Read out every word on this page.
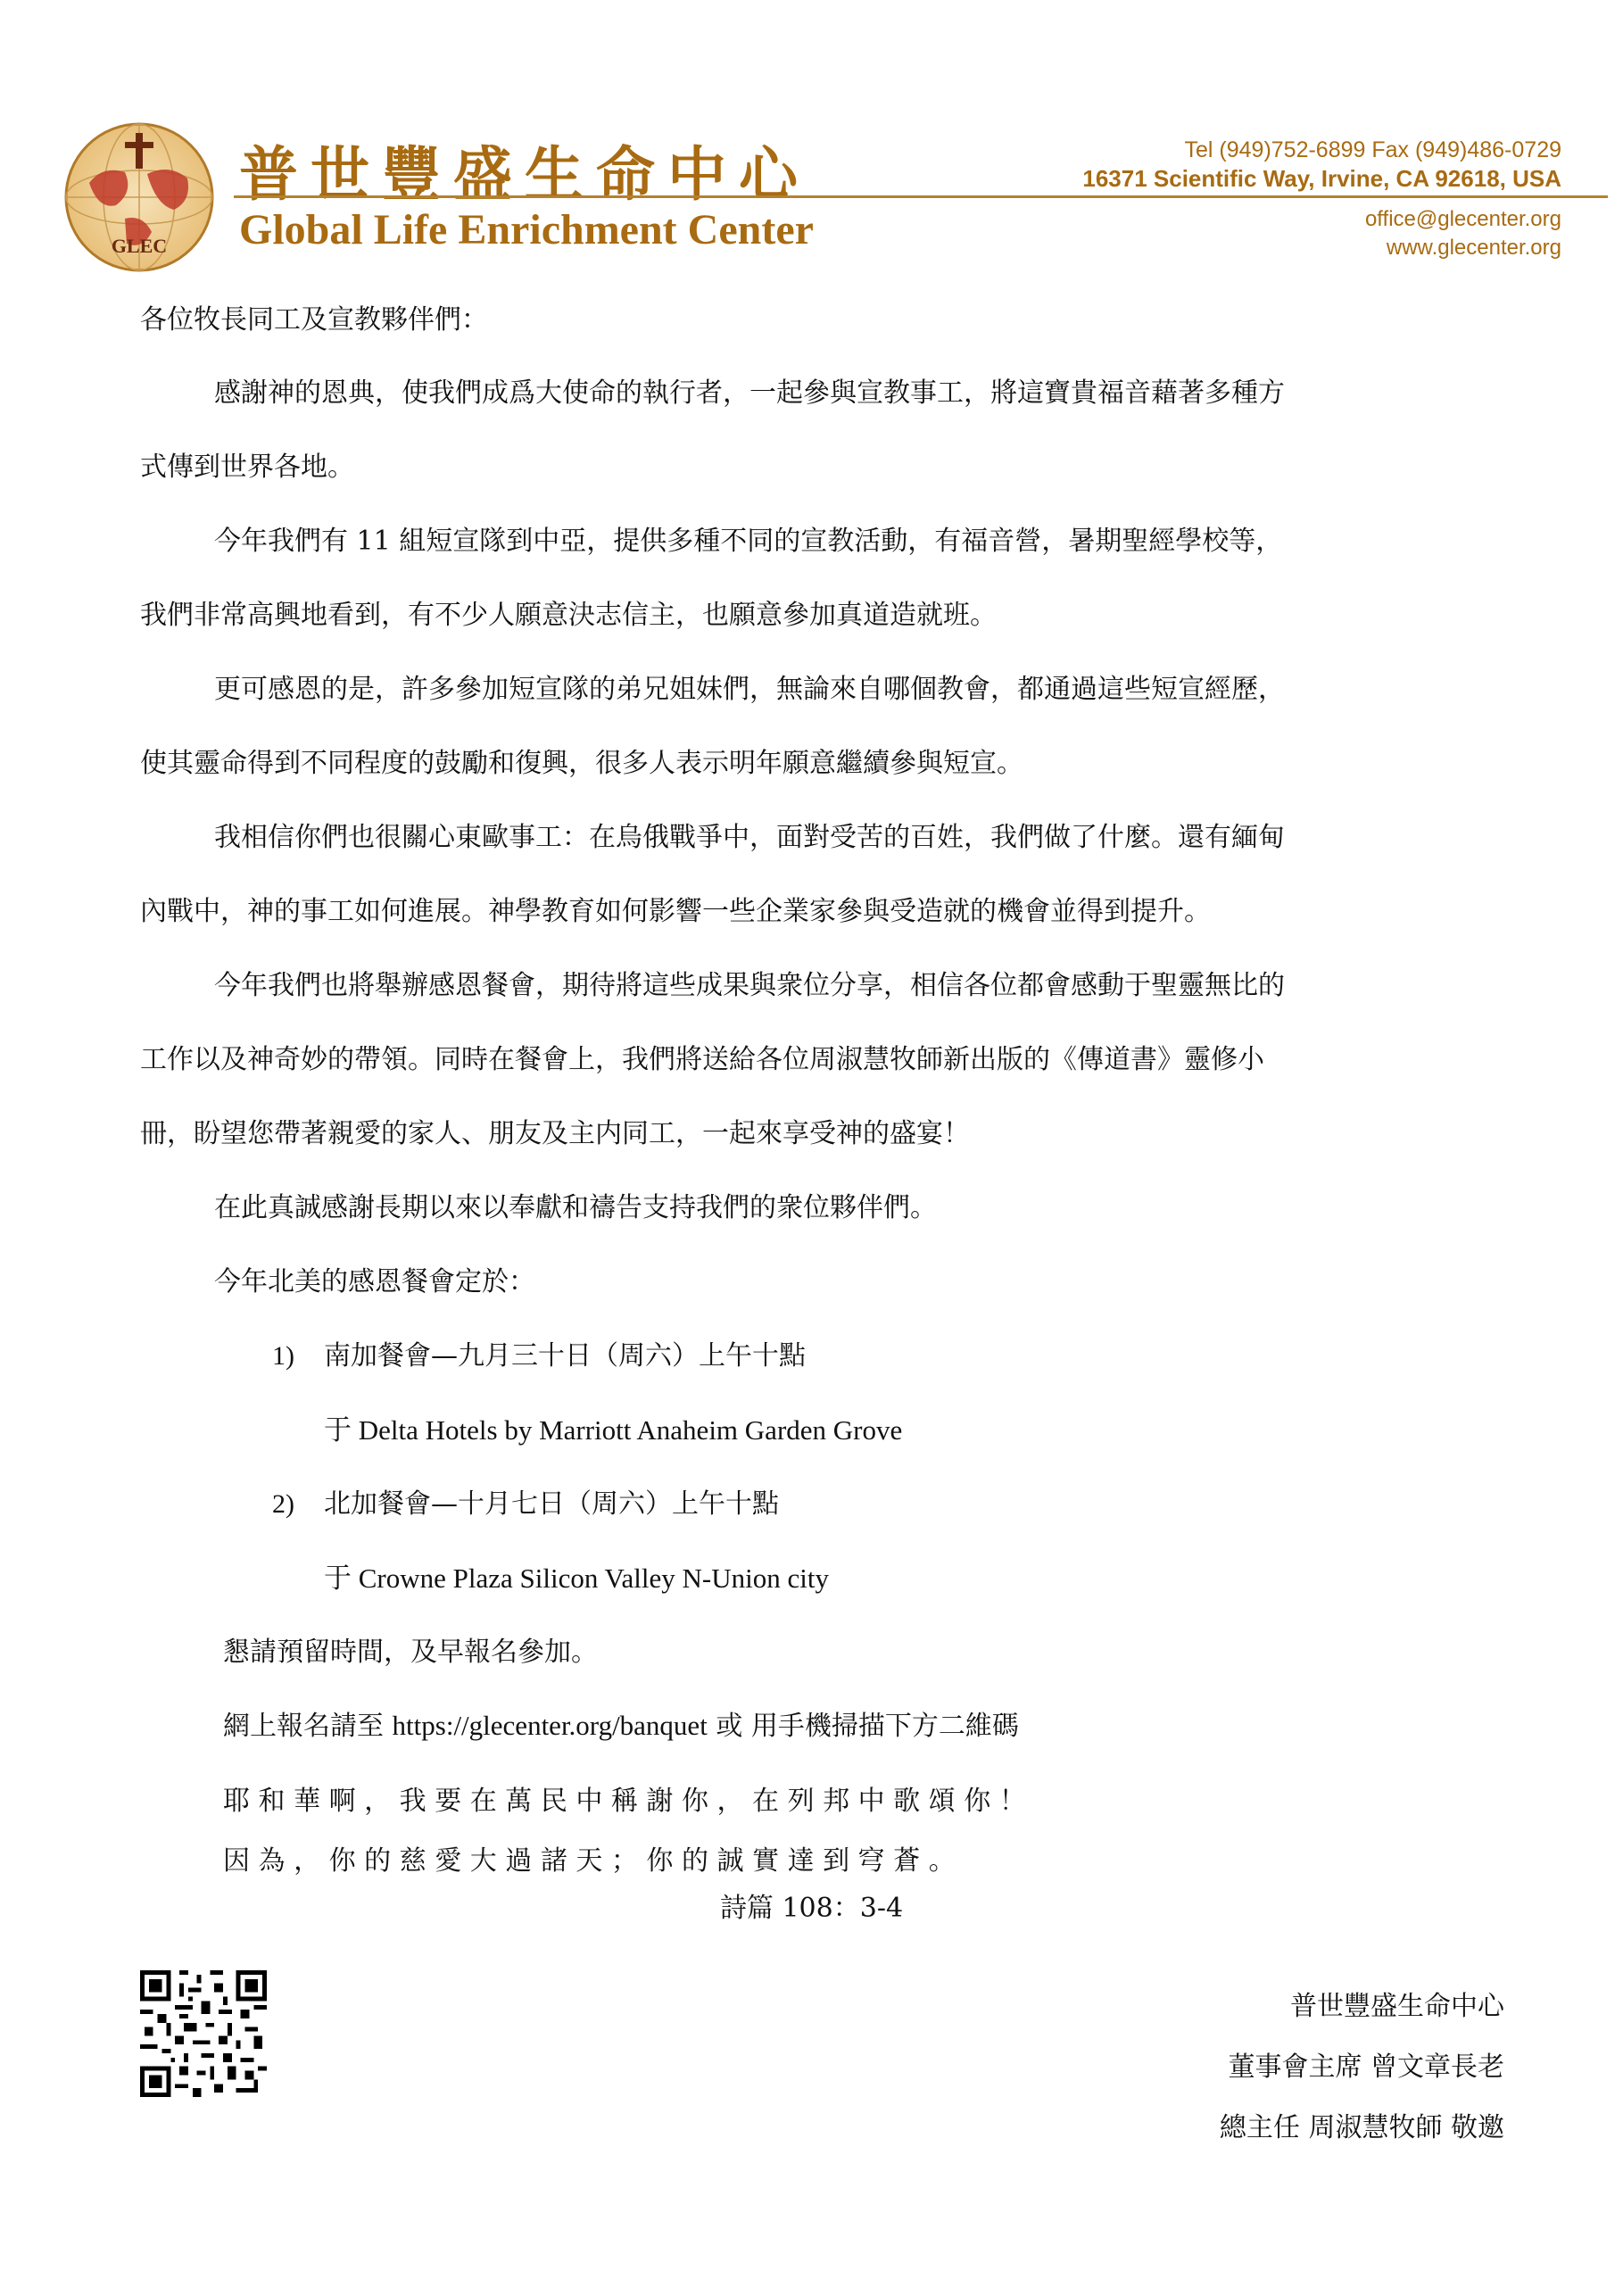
GLEC
普世豐盛生命中心
Global Life Enrichment Center
Tel (949)752-6899 Fax (949)486-0729
16371 Scientific Way, Irvine, CA 92618, USA
office@glecenter.org
www.glecenter.org
各位牧長同工及宣教夥伴們：
感謝神的恩典，使我們成爲大使命的執行者，一起參與宣教事工，將這寶貴福音藉著多種方
式傳到世界各地。
今年我們有 11 組短宣隊到中亞，提供多種不同的宣教活動，有福音營，暑期聖經學校等，
我們非常高興地看到，有不少人願意決志信主，也願意參加真道造就班。
更可感恩的是，許多參加短宣隊的弟兄姐妹們，無論來自哪個教會，都通過這些短宣經歷，
使其靈命得到不同程度的鼓勵和復興，很多人表示明年願意繼續參與短宣。
我相信你們也很關心東歐事工：在烏俄戰爭中，面對受苦的百姓，我們做了什麼。還有緬甸
內戰中，神的事工如何進展。神學教育如何影響一些企業家參與受造就的機會並得到提升。
今年我們也將舉辦感恩餐會，期待將這些成果與衆位分享，相信各位都會感動于聖靈無比的
工作以及神奇妙的帶領。同時在餐會上，我們將送給各位周淑慧牧師新出版的《傳道書》靈修小
冊，盼望您帶著親愛的家人、朋友及主内同工，一起來享受神的盛宴！
在此真誠感謝長期以來以奉獻和禱告支持我們的衆位夥伴們。
今年北美的感恩餐會定於：
1) 南加餐會—九月三十日（周六）上午十點
于 Delta Hotels by Marriott Anaheim Garden Grove
2) 北加餐會—十月七日（周六）上午十點
于 Crowne Plaza Silicon Valley N-Union city
懇請預留時間，及早報名參加。
網上報名請至 https://glecenter.org/banquet 或 用手機掃描下方二維碼
耶 和 華 啊 ， 我 要 在 萬 民 中 稱 謝 你 ， 在 列 邦 中 歌 頌 你 ！
因 為 ， 你 的 慈 愛 大 過 諸 天 ； 你 的 誠 實 達 到 穹 蒼 。
詩篇 108：3-4
普世豐盛生命中心
董事會主席 曾文章長老
總主任 周淑慧牧師 敬邀
